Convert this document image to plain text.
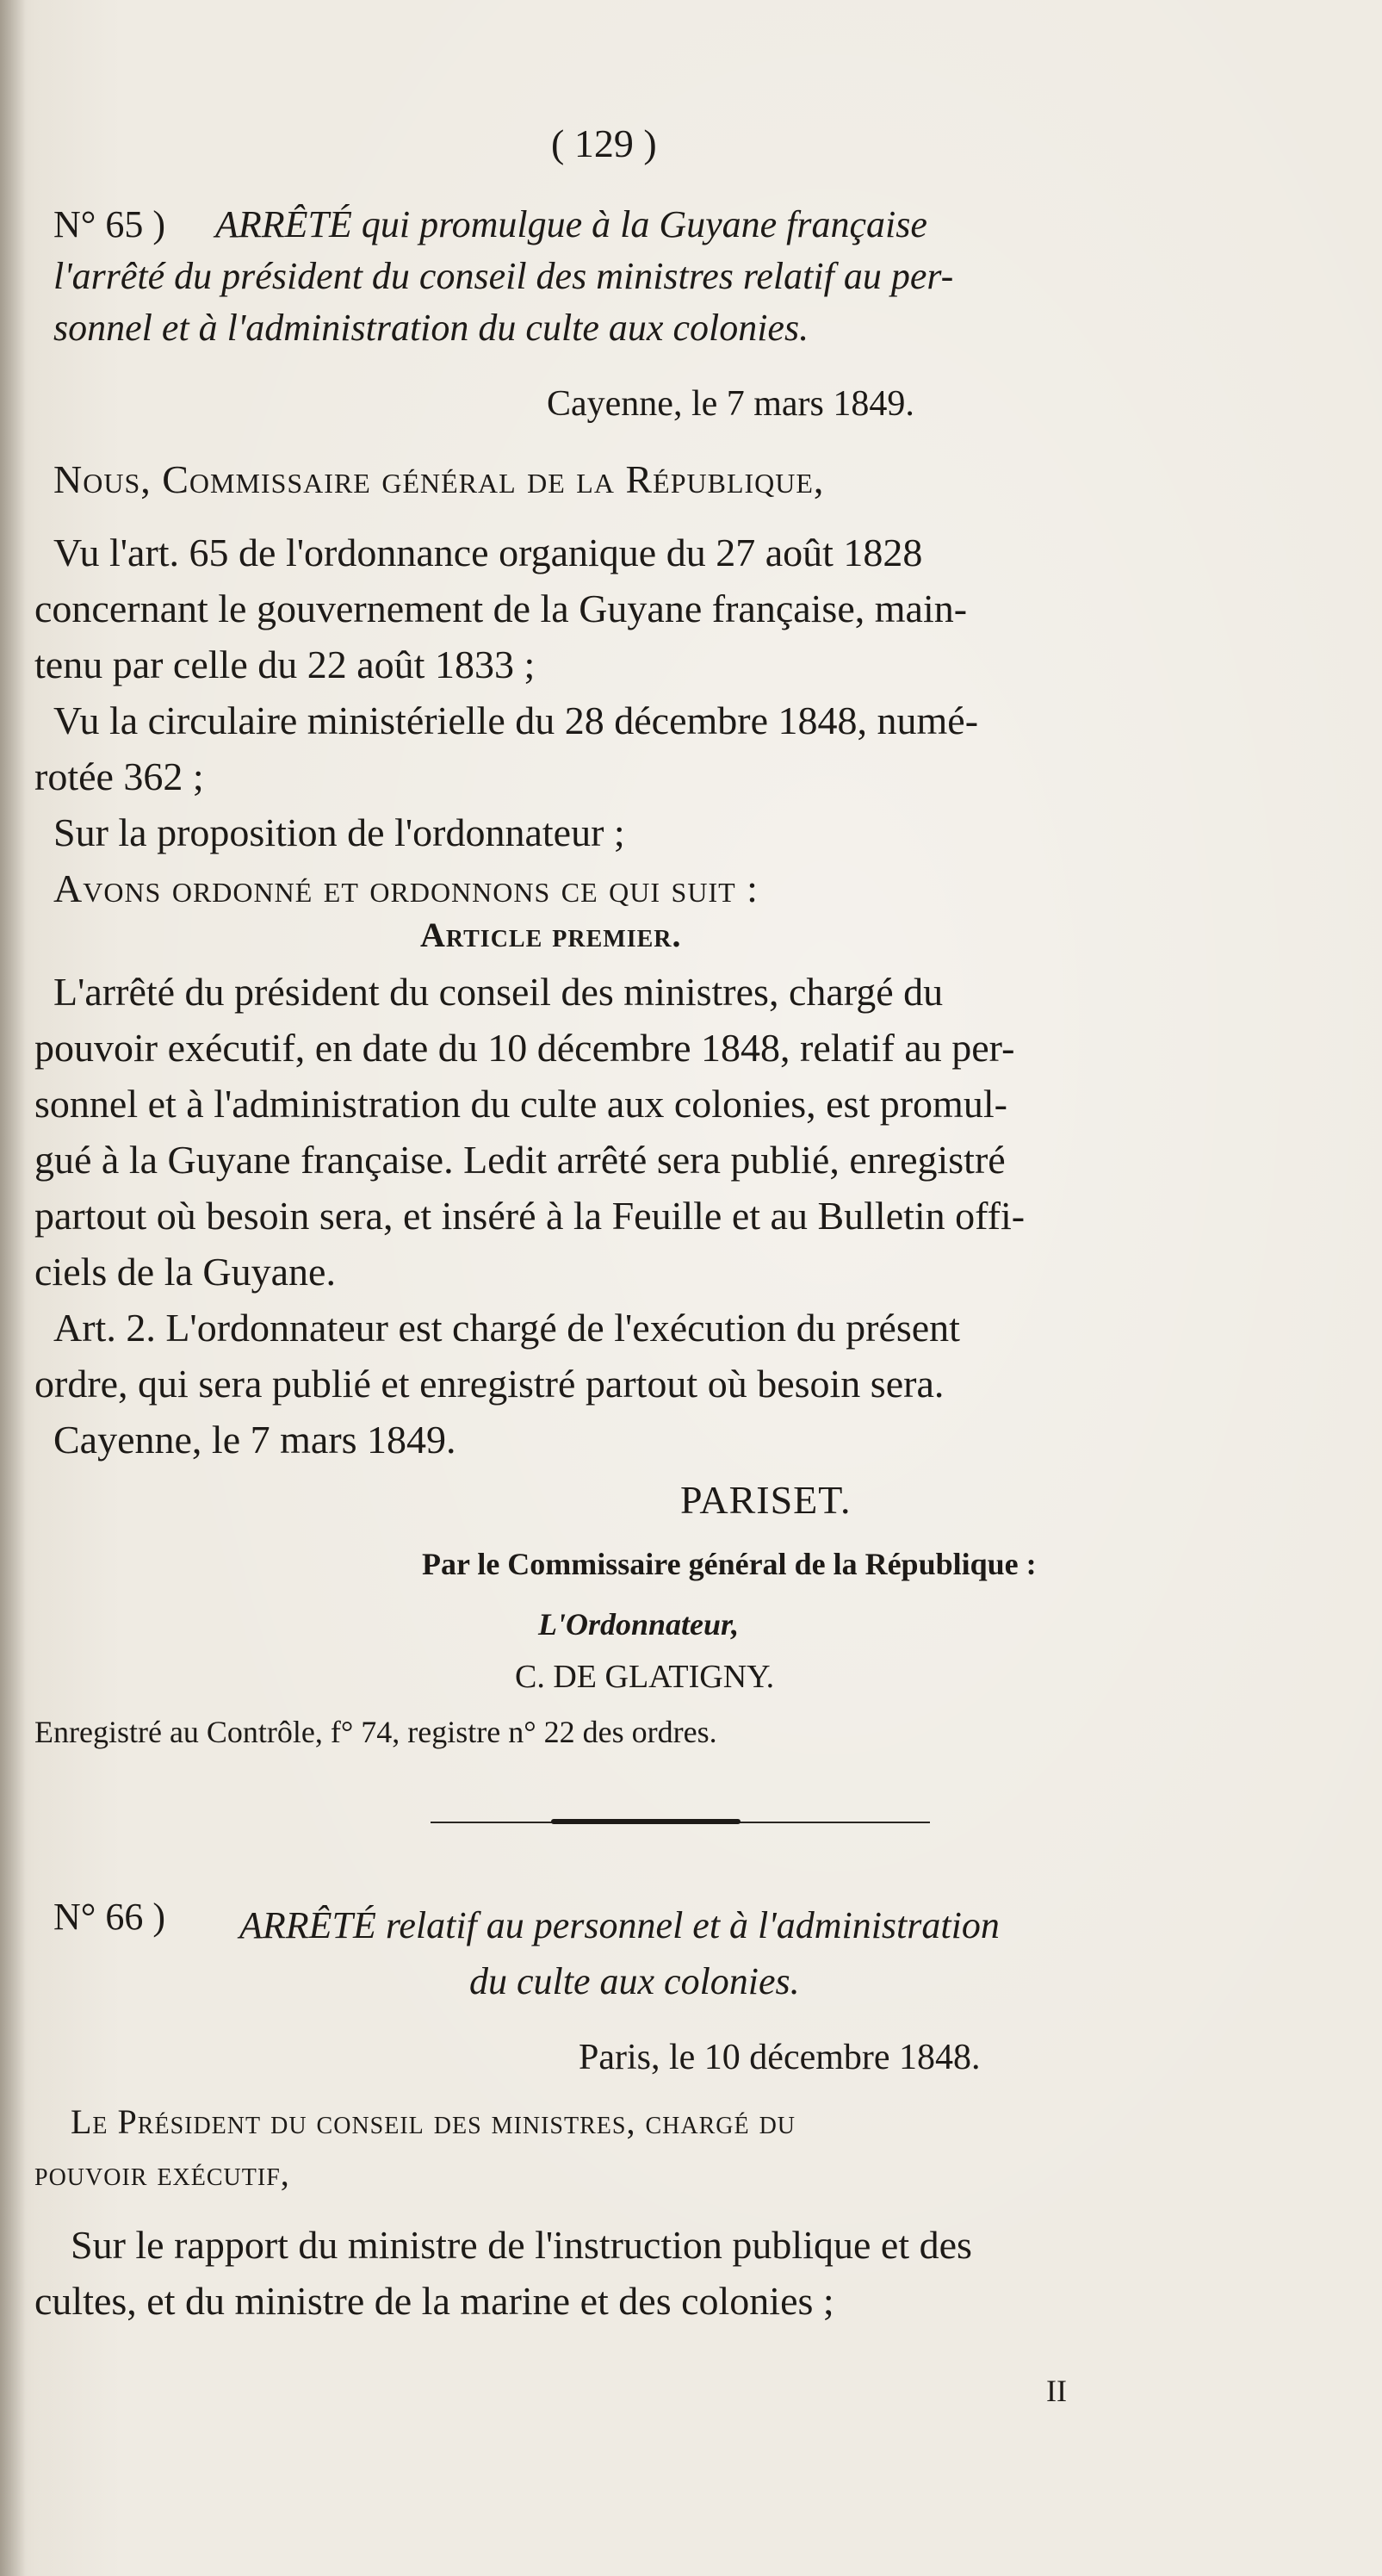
( 129 )
N° 65 ) ARRÊTÉ qui promulgue à la Guyane française
l'arrêté du président du conseil des ministres relatif au per-
sonnel et à l'administration du culte aux colonies.
Cayenne, le 7 mars 1849.
Nous, Commissaire général de la République,
Vu l'art. 65 de l'ordonnance organique du 27 août 1828
concernant le gouvernement de la Guyane française, main-
tenu par celle du 22 août 1833 ;
Vu la circulaire ministérielle du 28 décembre 1848, numé-
rotée 362 ;
Sur la proposition de l'ordonnateur ;
Avons ordonné et ordonnons ce qui suit :
Article premier.
L'arrêté du président du conseil des ministres, chargé du
pouvoir exécutif, en date du 10 décembre 1848, relatif au per-
sonnel et à l'administration du culte aux colonies, est promul-
gué à la Guyane française. Ledit arrêté sera publié, enregistré
partout où besoin sera, et inséré à la Feuille et au Bulletin offi-
ciels de la Guyane.
Art. 2. L'ordonnateur est chargé de l'exécution du présent
ordre, qui sera publié et enregistré partout où besoin sera.
Cayenne, le 7 mars 1849.
PARISET.
Par le Commissaire général de la République :
L'Ordonnateur,
C. DE GLATIGNY.
Enregistré au Contrôle, f° 74, registre n° 22 des ordres.
N° 66 ) ARRÊTÉ relatif au personnel et à l'administration
du culte aux colonies.
Paris, le 10 décembre 1848.
Le Président du conseil des ministres, chargé du
pouvoir exécutif,
Sur le rapport du ministre de l'instruction publique et des
cultes, et du ministre de la marine et des colonies ;
II
